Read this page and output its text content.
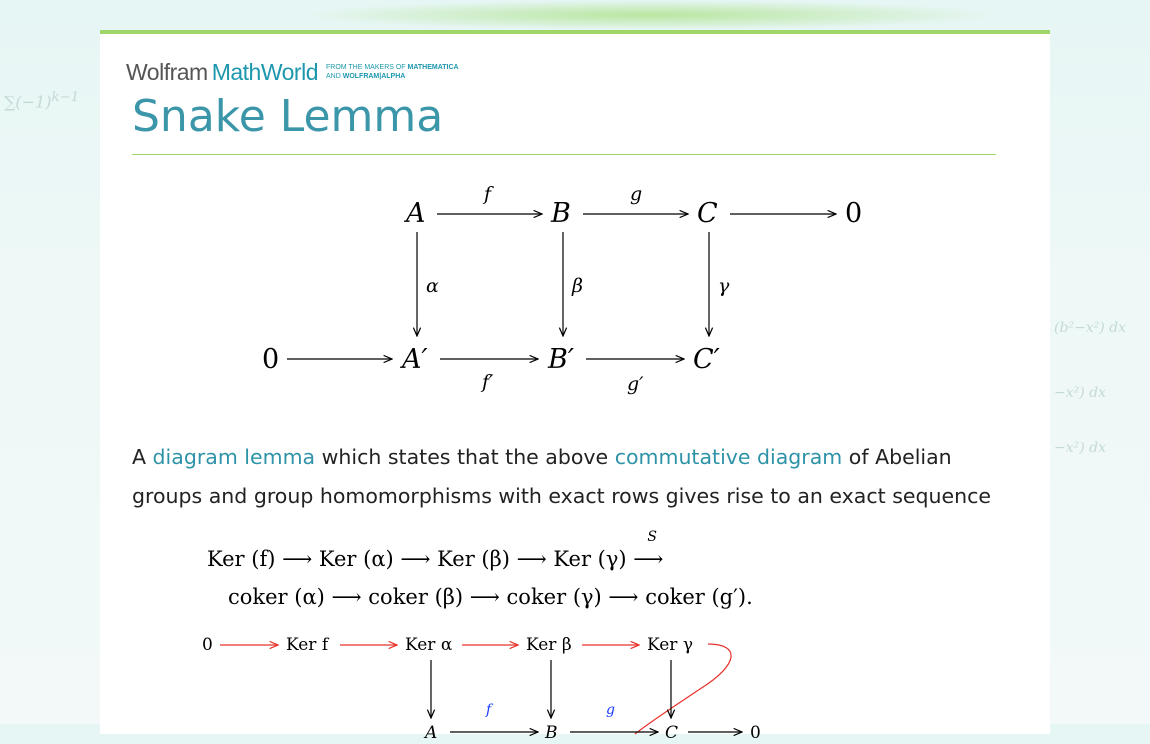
$\sum(-1)^{k-1}$
(b²−x²) dx
−x²) dx
−x²) dx
Wolfram MathWorld FROM THE MAKERS OF MATHEMATICA
AND WOLFRAM|ALPHA
Snake Lemma
A	B	C	0
0	A′	B′	C′
f	g
α	β	γ
f′	g′
A diagram lemma which states that the above commutative diagram of Abelian groups and group homomorphisms with exact rows gives rise to an exact sequence
Ker (f) ⟶ Ker (α) ⟶ Ker (β) ⟶ Ker (γ) ⟶
S
coker (α) ⟶ coker (β) ⟶ coker (γ) ⟶ coker (g′).
0	Ker f	Ker α	Ker β	Ker γ
f	g
A	B	C	0
